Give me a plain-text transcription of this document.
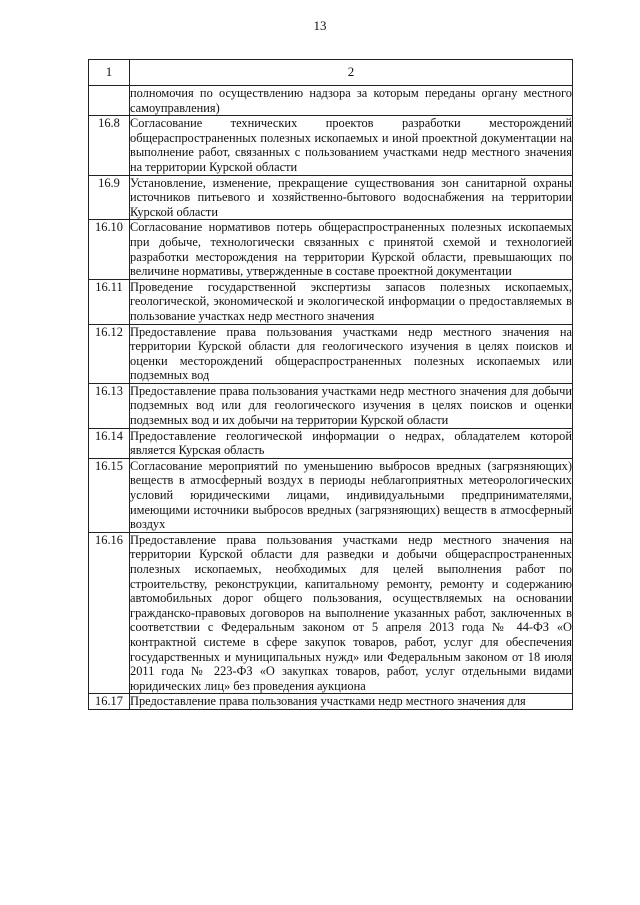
13
1	2
	полномочия по осуществлению надзора за которым переданы органу местного самоуправления)
16.8	Согласование технических проектов разработки месторождений общераспространенных полезных ископаемых и иной проектной документации на выполнение работ, связанных с пользованием участками недр местного значения на территории Курской области
16.9	Установление, изменение, прекращение существования зон санитарной охраны источников питьевого и хозяйственно-бытового водоснабжения на территории Курской области
16.10	Согласование нормативов потерь общераспространенных полезных ископаемых при добыче, технологически связанных с принятой схемой и технологией разработки месторождения на территории Курской области, превышающих по величине нормативы, утвержденные в составе проектной документации
16.11	Проведение государственной экспертизы запасов полезных ископаемых, геологической, экономической и экологической информации о предоставляемых в пользование участках недр местного значения
16.12	Предоставление права пользования участками недр местного значения на территории Курской области для геологического изучения в целях поисков и оценки месторождений общераспространенных полезных ископаемых или подземных вод
16.13	Предоставление права пользования участками недр местного значения для добычи подземных вод или для геологического изучения в целях поисков и оценки подземных вод и их добычи на территории Курской области
16.14	Предоставление геологической информации о недрах, обладателем которой является Курская область
16.15	Согласование мероприятий по уменьшению выбросов вредных (загрязняющих) веществ в атмосферный воздух в периоды неблагоприятных метеорологических условий юридическими лицами, индивидуальными предпринимателями, имеющими источники выбросов вредных (загрязняющих) веществ в атмосферный воздух
16.16	Предоставление права пользования участками недр местного значения на территории Курской области для разведки и добычи общераспространенных полезных ископаемых, необходимых для целей выполнения работ по строительству, реконструкции, капитальному ремонту, ремонту и содержанию автомобильных дорог общего пользования, осуществляемых на основании гражданско-правовых договоров на выполнение указанных работ, заключенных в соответствии с Федеральным законом от 5 апреля 2013 года № 44-ФЗ «О контрактной системе в сфере закупок товаров, работ, услуг для обеспечения государственных и муниципальных нужд» или Федеральным законом от 18 июля 2011 года № 223-ФЗ «О закупках товаров, работ, услуг отдельными видами юридических лиц» без проведения аукциона
16.17	Предоставление права пользования участками недр местного значения для
